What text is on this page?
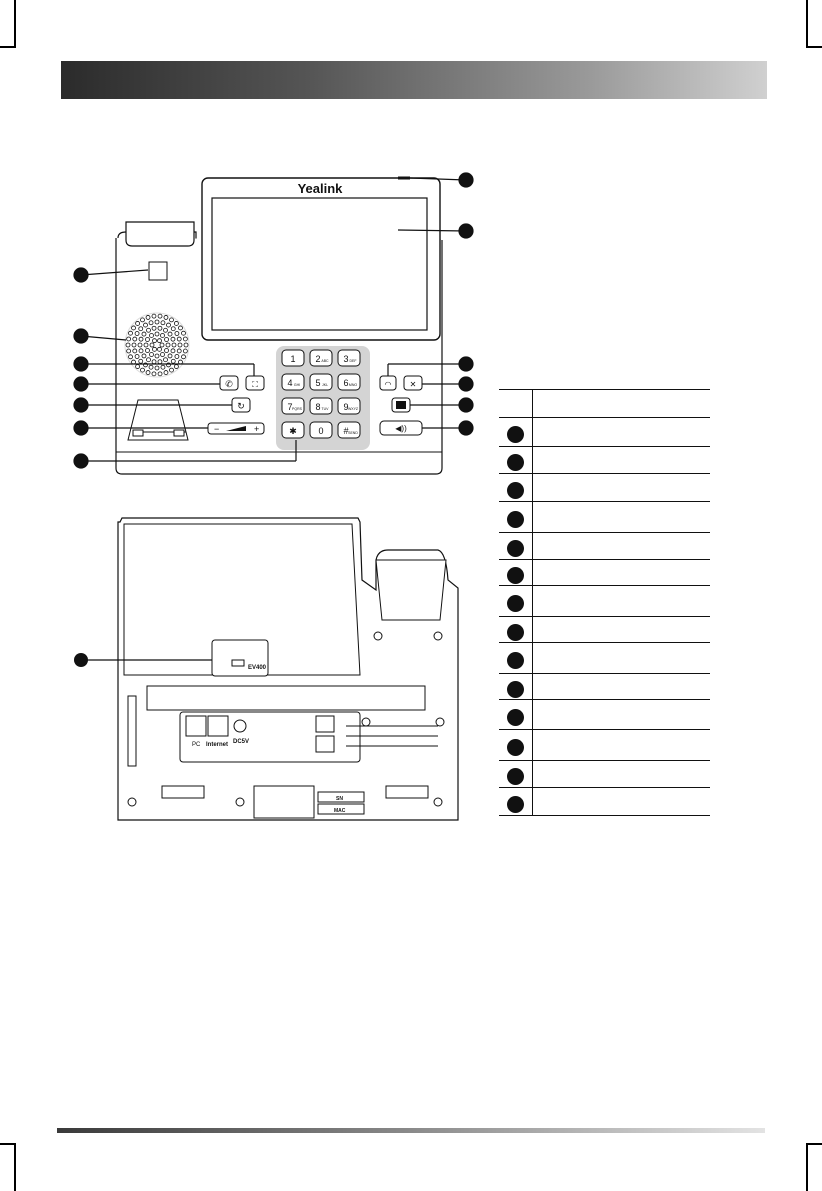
Yealink
1 2 ABC 3 DEF
4 GHI 5 JKL 6 MNO
7 PQRS 8 TUV 9 WXYZ
✱ 0 # SEND
✆ ⛶
↻
−	+
◠ ✕
◀))
EV400
PC Internet DC5V
SN
MAC
